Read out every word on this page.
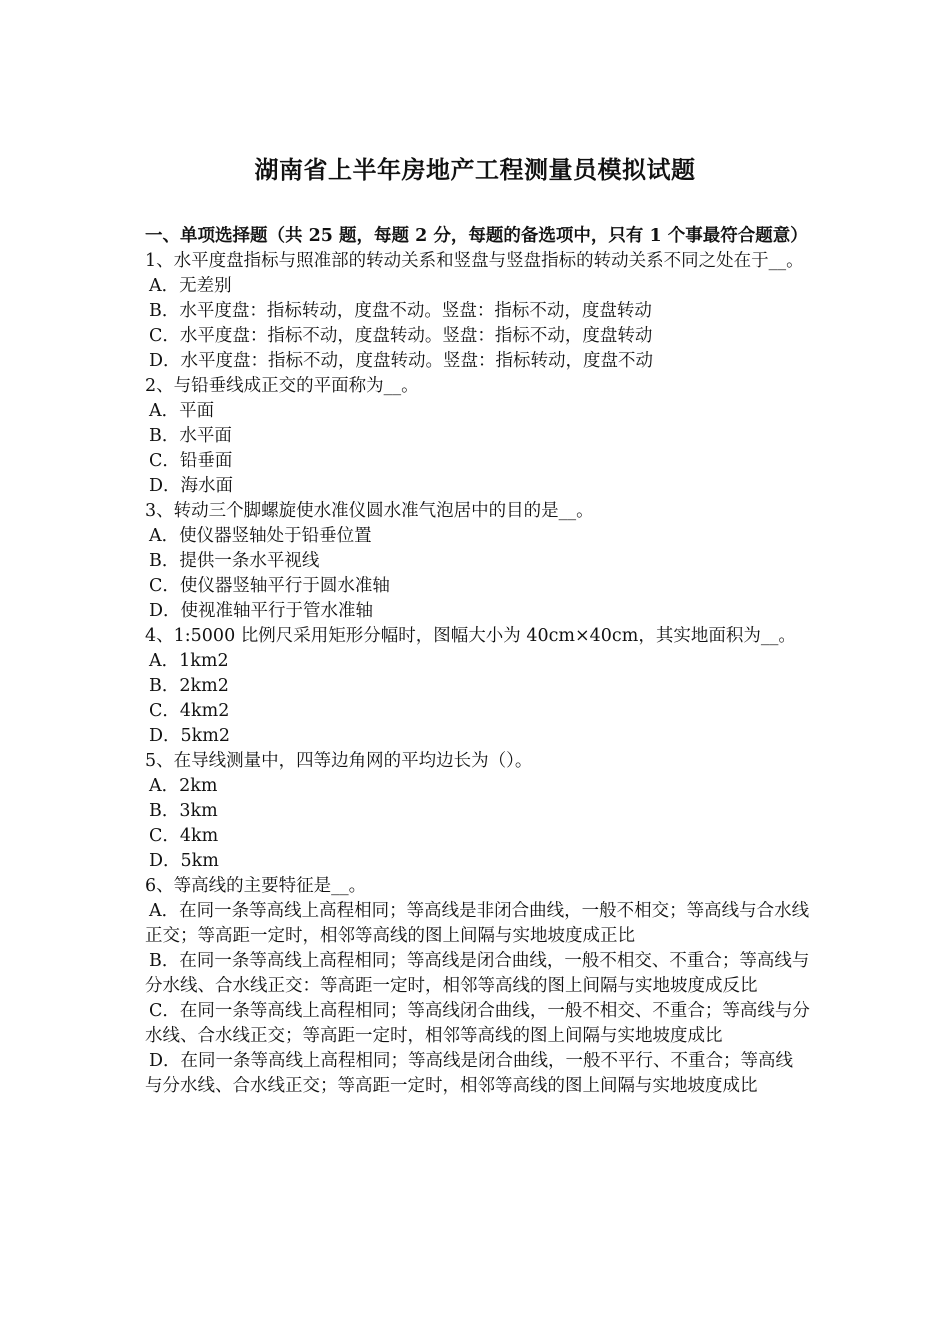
湖南省上半年房地产工程测量员模拟试题

一、单项选择题（共 25 题，每题 2 分，每题的备选项中，只有 1 个事最符合题意）

1、水平度盘指标与照准部的转动关系和竖盘与竖盘指标的转动关系不同之处在于__。

A．无差别

B．水平度盘：指标转动，度盘不动。竖盘：指标不动，度盘转动

C．水平度盘：指标不动，度盘转动。竖盘：指标不动，度盘转动

D．水平度盘：指标不动，度盘转动。竖盘：指标转动，度盘不动

2、与铅垂线成正交的平面称为__。

A．平面

B．水平面

C．铅垂面

D．海水面

3、转动三个脚螺旋使水准仪圆水准气泡居中的目的是__。

A．使仪器竖轴处于铅垂位置

B．提供一条水平视线

C．使仪器竖轴平行于圆水准轴

D．使视准轴平行于管水准轴

4、1:5000 比例尺采用矩形分幅时，图幅大小为 40cm×40cm，其实地面积为__。

A．1km2

B．2km2

C．4km2

D．5km2

5、在导线测量中，四等边角网的平均边长为（）。

A．2km

B．3km

C．4km

D．5km

6、等高线的主要特征是__。

A．在同一条等高线上高程相同；等高线是非闭合曲线，一般不相交；等高线与合水线正交；等高距一定时，相邻等高线的图上间隔与实地坡度成正比

B．在同一条等高线上高程相同；等高线是闭合曲线，一般不相交、不重合；等高线与分水线、合水线正交：等高距一定时，相邻等高线的图上间隔与实地坡度成反比

C．在同一条等高线上高程相同；等高线闭合曲线，一般不相交、不重合；等高线与分水线、合水线正交；等高距一定时，相邻等高线的图上间隔与实地坡度成比

D．在同一条等高线上高程相同；等高线是闭合曲线，一般不平行、不重合；等高线与分水线、合水线正交；等高距一定时，相邻等高线的图上间隔与实地坡度成比
